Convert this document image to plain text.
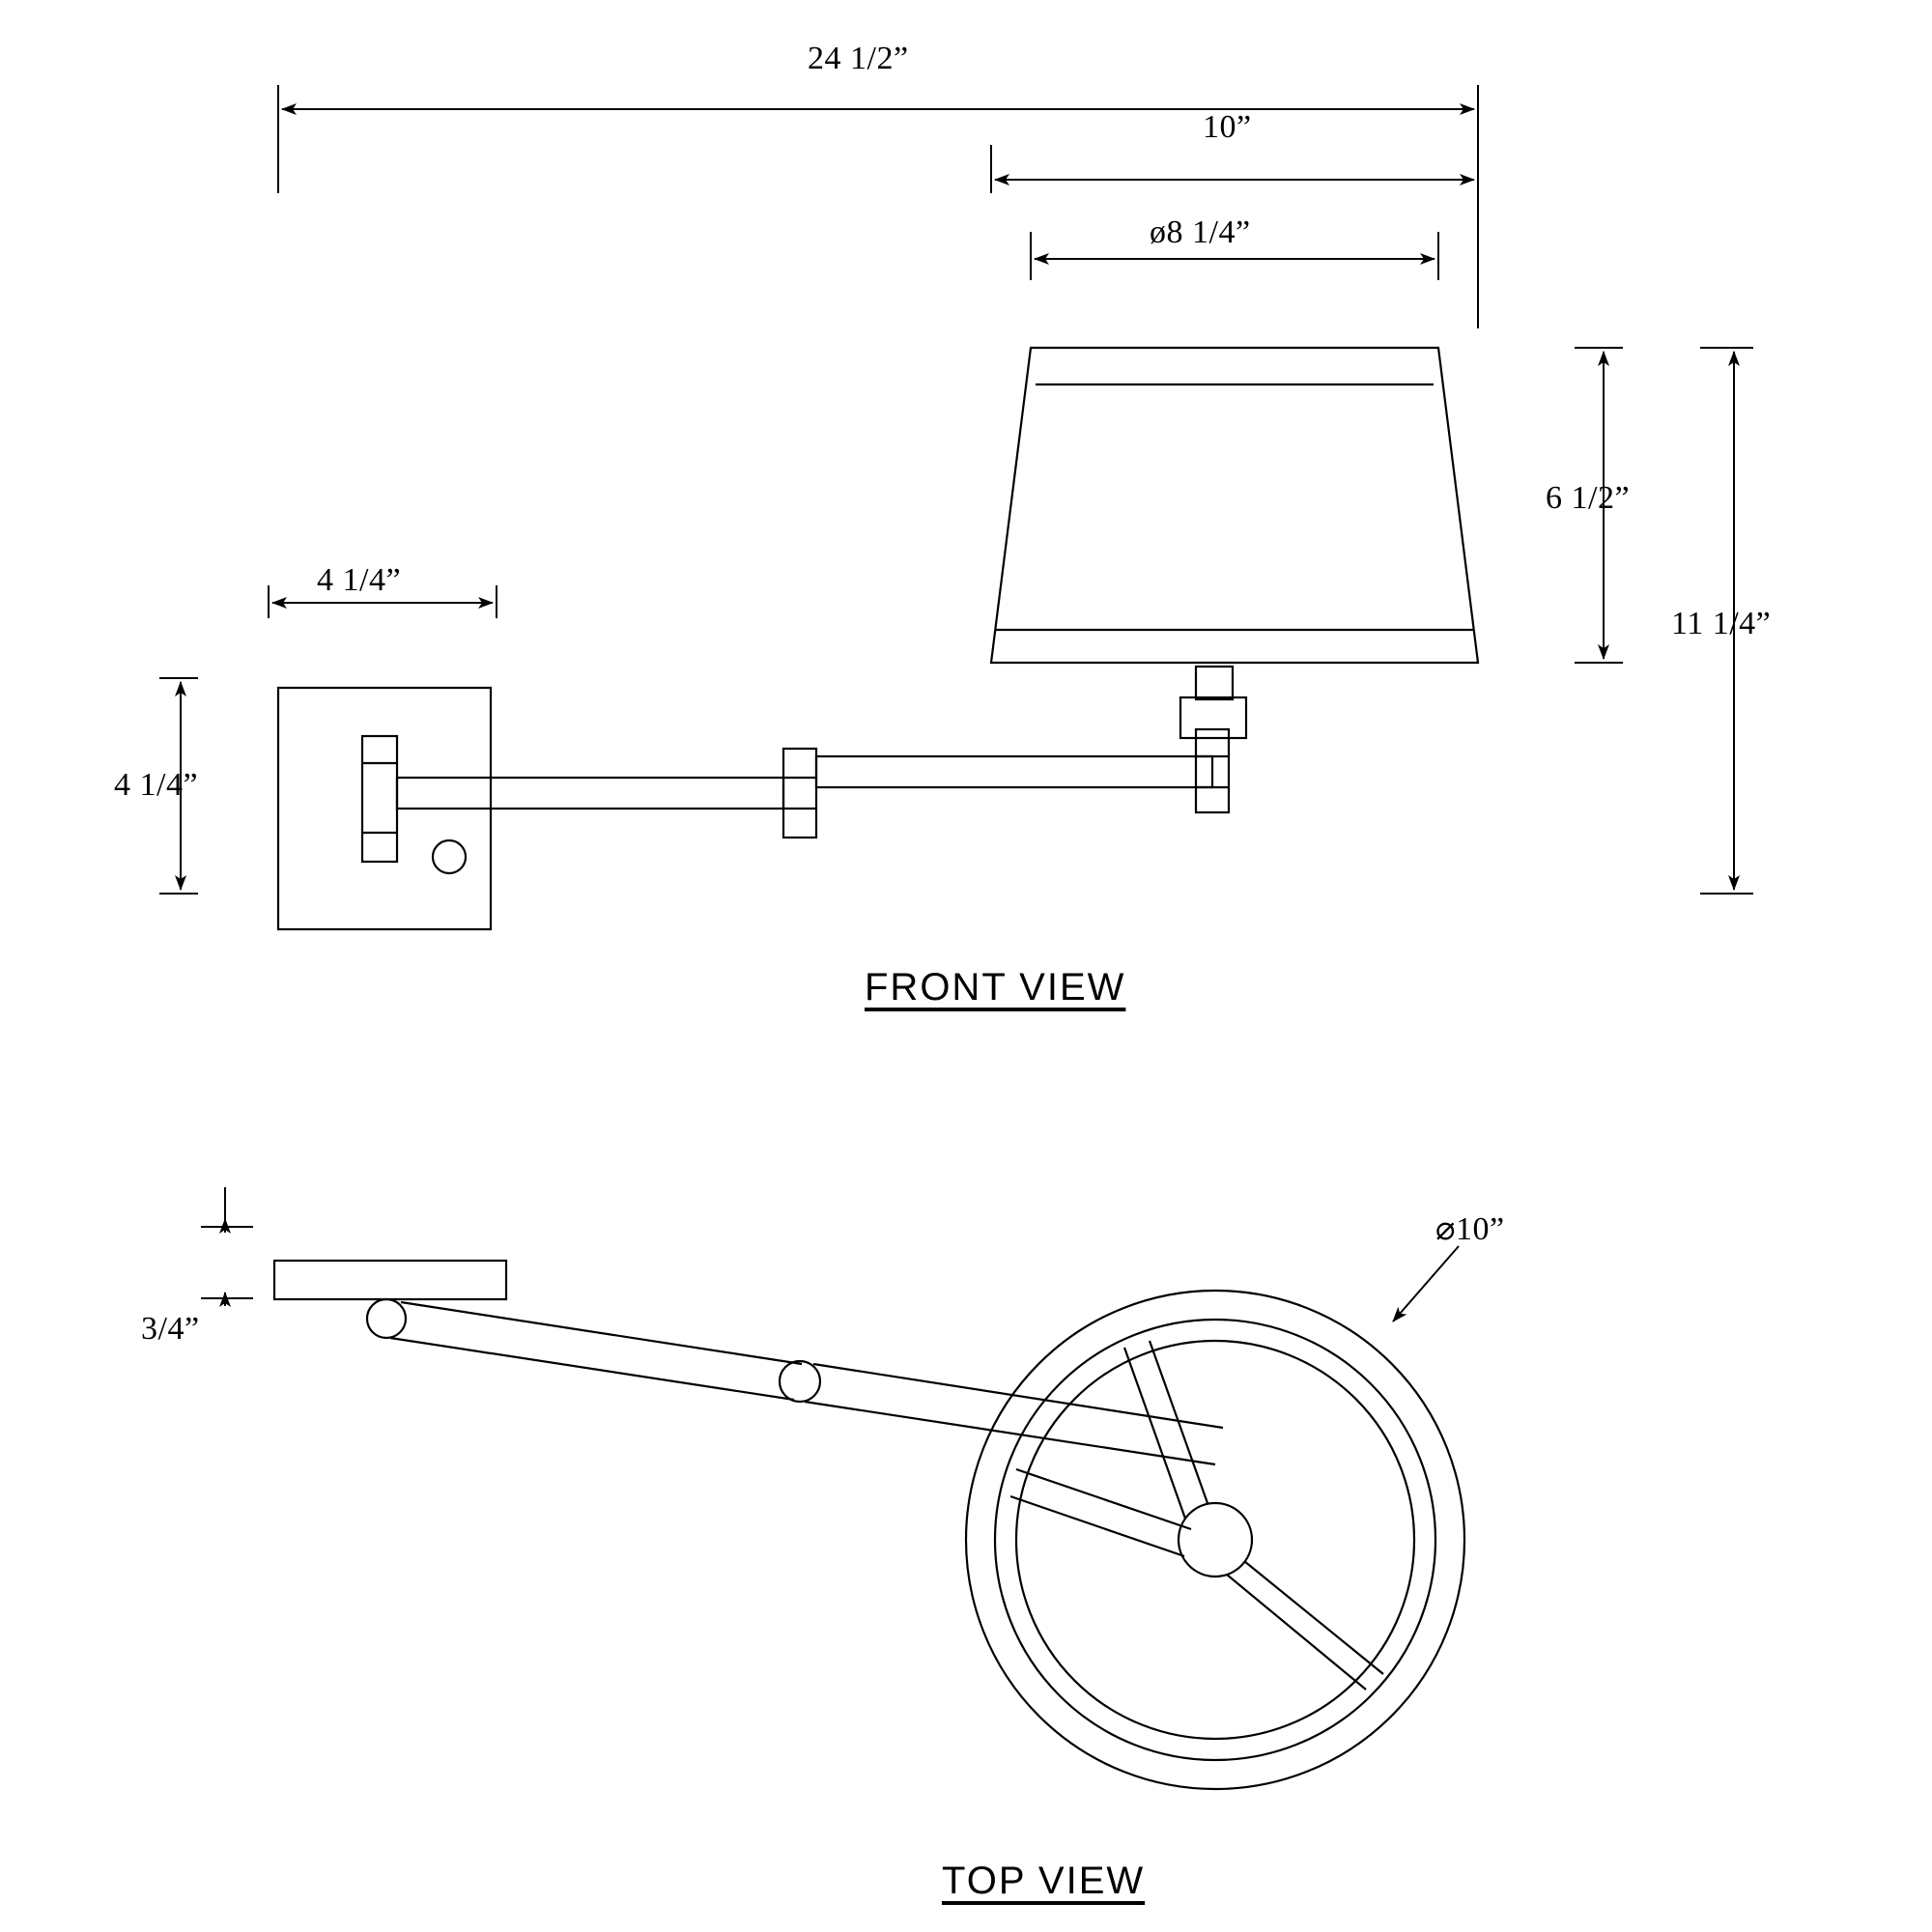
24 1/2”
10”
ø8 1/4”
4 1/4”
4 1/4”
6 1/2”
11 1/4”
3/4”
⌀10”
FRONT VIEW
TOP VIEW
